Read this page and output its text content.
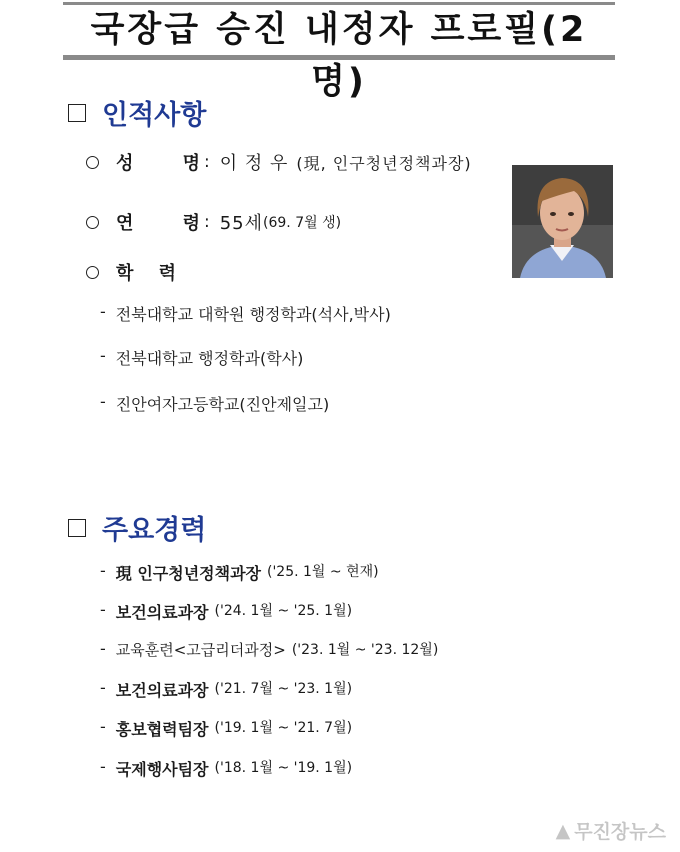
국장급 승진 내정자 프로필(2명)
인적사항
성	명 : 이 정 우 (現, 인구청년정책과장)
연	령 : 55세 (69. 7월 생)
학 력
- 전북대학교 대학원 행정학과(석사,박사)
- 전북대학교 행정학과(학사)
- 진안여자고등학교(진안제일고)
주요경력
- 現 인구청년정책과장 ('25. 1월 ~ 현재)
- 보건의료과장 ('24. 1월 ~ '25. 1월)
- 교육훈련<고급리더과정> ('23. 1월 ~ '23. 12월)
- 보건의료과장 ('21. 7월 ~ '23. 1월)
- 홍보협력팀장 ('19. 1월 ~ '21. 7월)
- 국제행사팀장 ('18. 1월 ~ '19. 1월)
▲ 무진장뉴스
